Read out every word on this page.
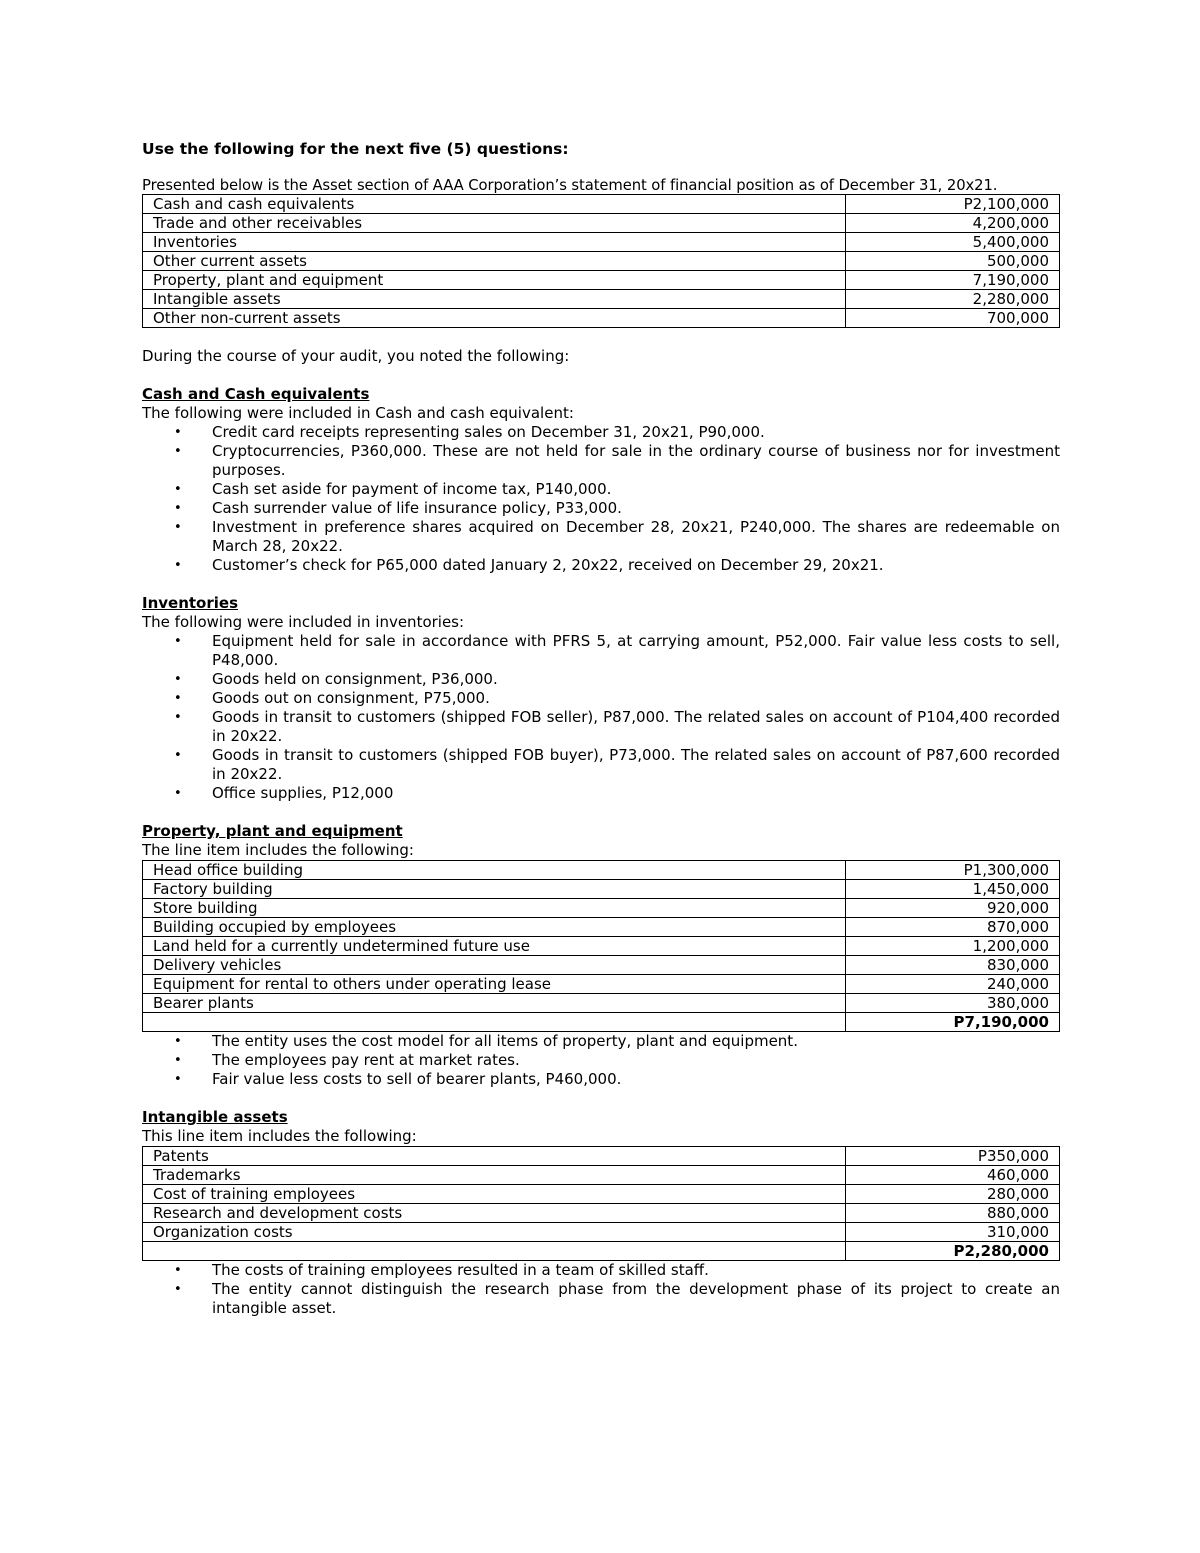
Use the following for the next five (5) questions:
Presented below is the Asset section of AAA Corporation’s statement of financial position as of December 31, 20x21.
Cash and cash equivalents	P2,100,000
Trade and other receivables	4,200,000
Inventories	5,400,000
Other current assets	500,000
Property, plant and equipment	7,190,000
Intangible assets	2,280,000
Other non-current assets	700,000
During the course of your audit, you noted the following:
Cash and Cash equivalents
The following were included in Cash and cash equivalent:
• Credit card receipts representing sales on December 31, 20x21, P90,000.
• Cryptocurrencies, P360,000. These are not held for sale in the ordinary course of business nor for investment purposes.
• Cash set aside for payment of income tax, P140,000.
• Cash surrender value of life insurance policy, P33,000.
• Investment in preference shares acquired on December 28, 20x21, P240,000. The shares are redeemable on March 28, 20x22.
• Customer’s check for P65,000 dated January 2, 20x22, received on December 29, 20x21.
Inventories
The following were included in inventories:
• Equipment held for sale in accordance with PFRS 5, at carrying amount, P52,000. Fair value less costs to sell, P48,000.
• Goods held on consignment, P36,000.
• Goods out on consignment, P75,000.
• Goods in transit to customers (shipped FOB seller), P87,000. The related sales on account of P104,400 recorded in 20x22.
• Goods in transit to customers (shipped FOB buyer), P73,000. The related sales on account of P87,600 recorded in 20x22.
• Office supplies, P12,000
Property, plant and equipment
The line item includes the following:
Head office building	P1,300,000
Factory building	1,450,000
Store building	920,000
Building occupied by employees	870,000
Land held for a currently undetermined future use	1,200,000
Delivery vehicles	830,000
Equipment for rental to others under operating lease	240,000
Bearer plants	380,000
	P7,190,000
• The entity uses the cost model for all items of property, plant and equipment.
• The employees pay rent at market rates.
• Fair value less costs to sell of bearer plants, P460,000.
Intangible assets
This line item includes the following:
Patents	P350,000
Trademarks	460,000
Cost of training employees	280,000
Research and development costs	880,000
Organization costs	310,000
	P2,280,000
• The costs of training employees resulted in a team of skilled staff.
• The entity cannot distinguish the research phase from the development phase of its project to create an intangible asset.
